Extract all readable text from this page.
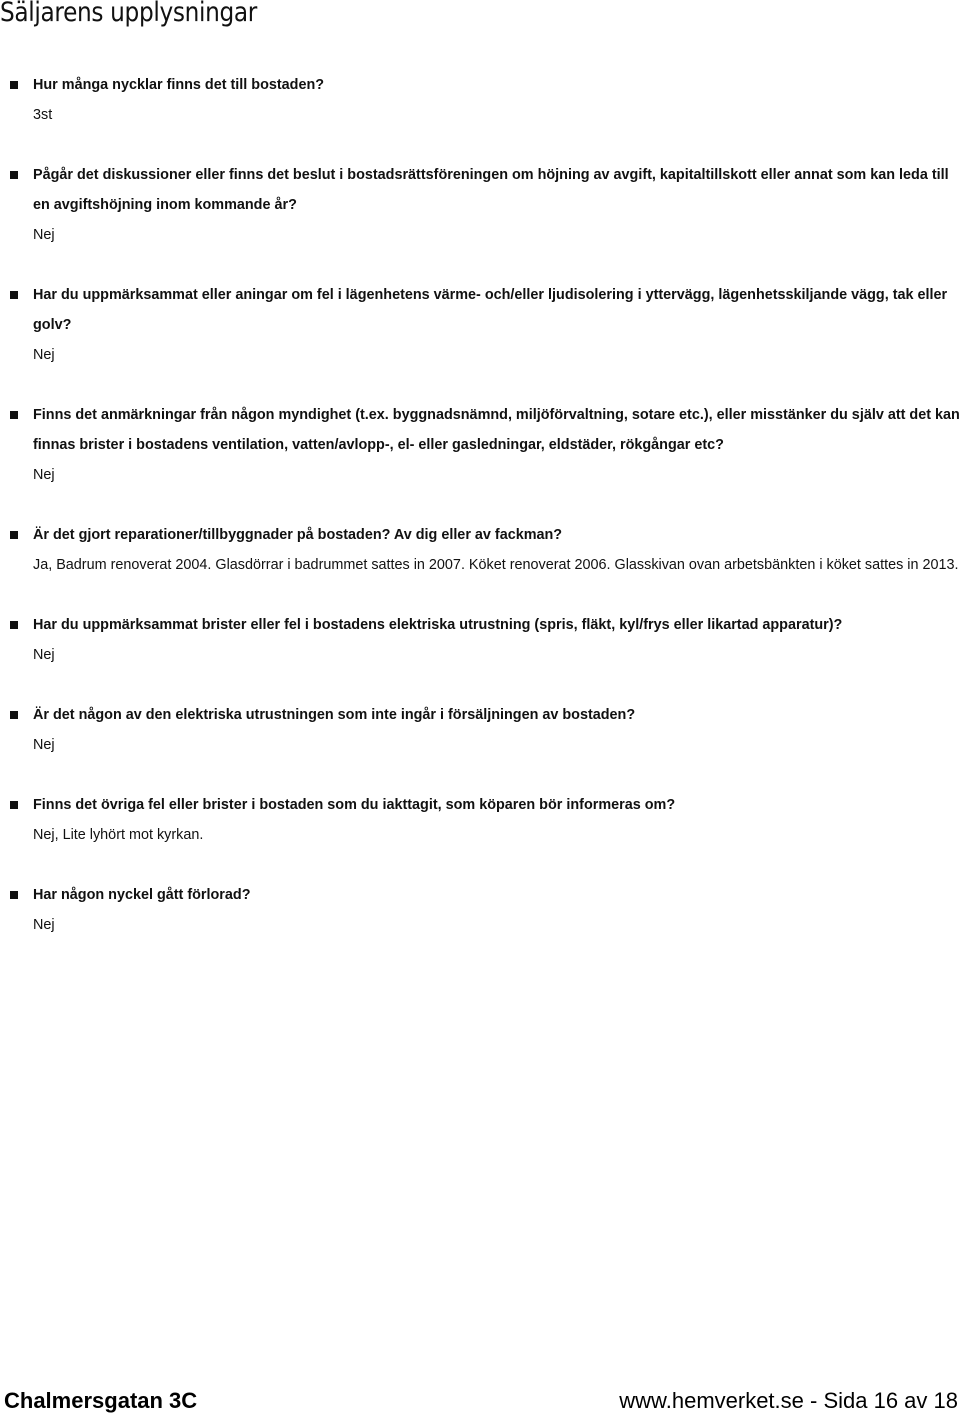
Säljarens upplysningar
Hur många nycklar finns det till bostaden?
3st
Pågår det diskussioner eller finns det beslut i bostadsrättsföreningen om höjning av avgift, kapitaltillskott eller annat som kan leda till en avgiftshöjning inom kommande år?
Nej
Har du uppmärksammat eller aningar om fel i lägenhetens värme- och/eller ljudisolering i yttervägg, lägenhetsskiljande vägg, tak eller golv?
Nej
Finns det anmärkningar från någon myndighet (t.ex. byggnadsnämnd, miljöförvaltning, sotare etc.), eller misstänker du själv att det kan finnas brister i bostadens ventilation, vatten/avlopp-, el- eller gasledningar, eldstäder, rökgångar etc?
Nej
Är det gjort reparationer/tillbyggnader på bostaden? Av dig eller av fackman?
Ja, Badrum renoverat 2004. Glasdörrar i badrummet sattes in 2007. Köket renoverat 2006. Glasskivan ovan arbetsbänkten i köket sattes in 2013.
Har du uppmärksammat brister eller fel i bostadens elektriska utrustning (spris, fläkt, kyl/frys eller likartad apparatur)?
Nej
Är det någon av den elektriska utrustningen som inte ingår i försäljningen av bostaden?
Nej
Finns det övriga fel eller brister i bostaden som du iakttagit, som köparen bör informeras om?
Nej, Lite lyhört mot kyrkan.
Har någon nyckel gått förlorad?
Nej
Chalmersgatan 3C	www.hemverket.se - Sida 16 av 18
